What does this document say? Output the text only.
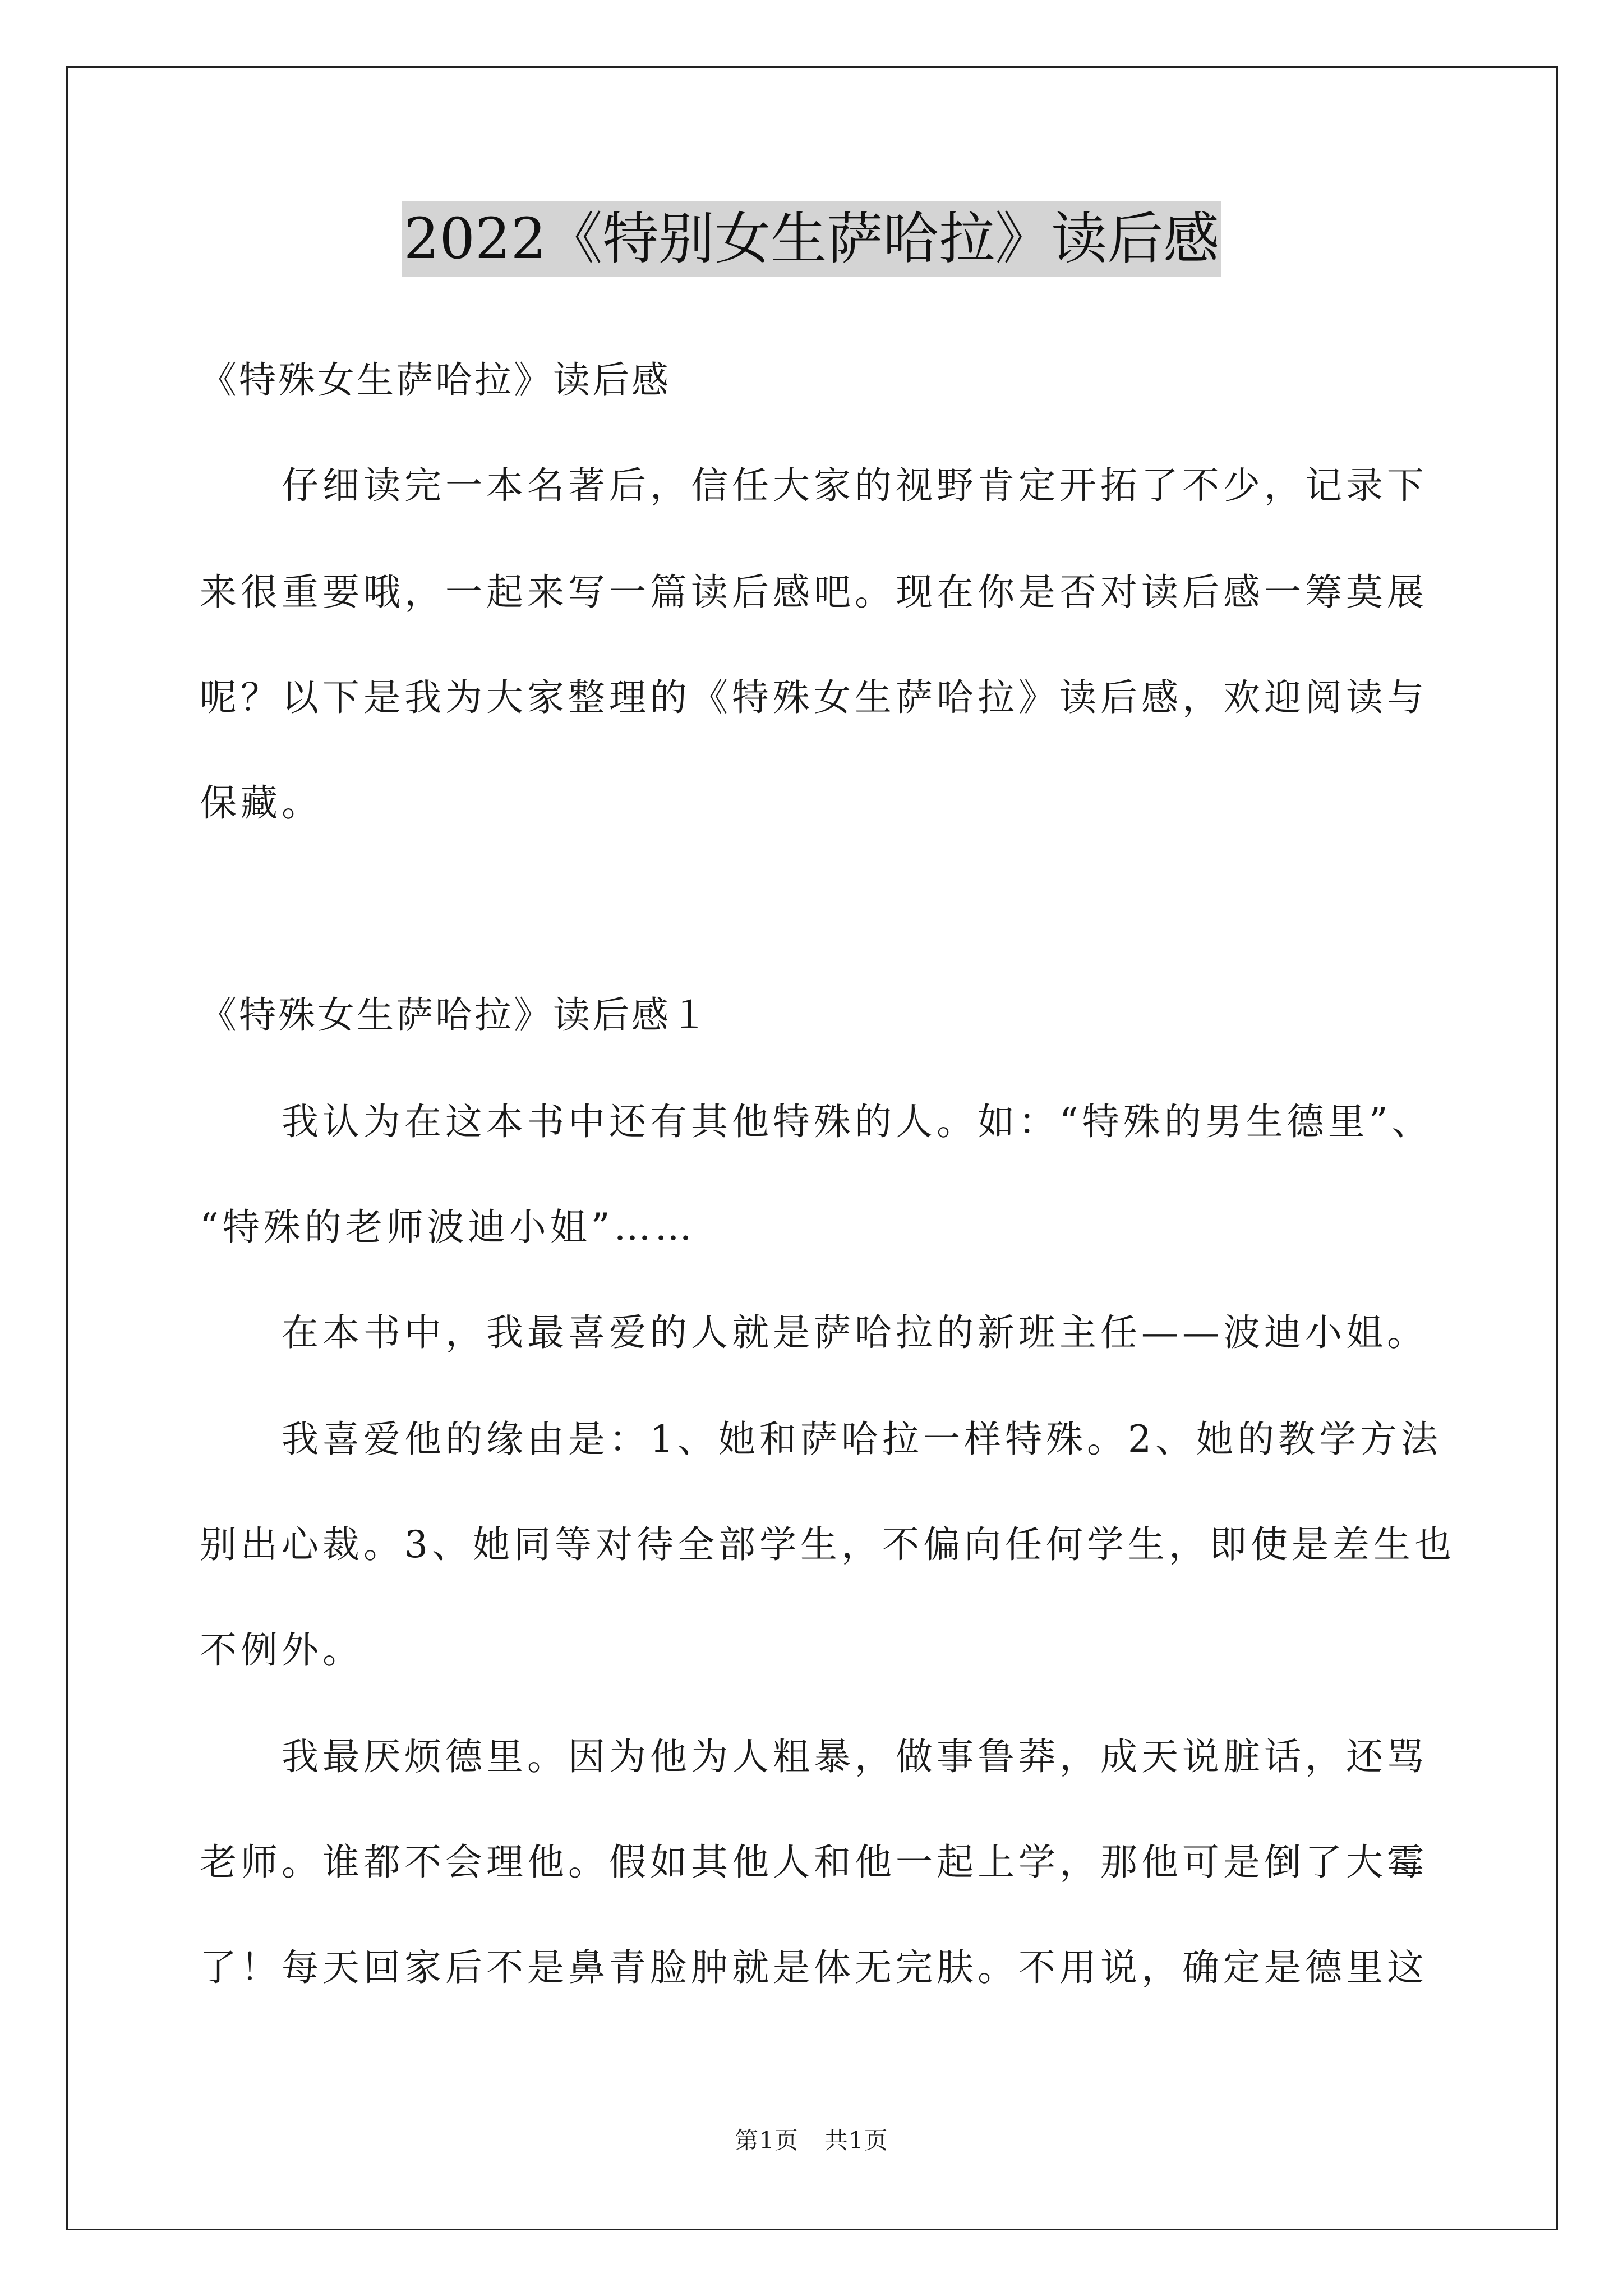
2022《特别女生萨哈拉》读后感
《特殊女生萨哈拉》读后感
仔细读完一本名著后，信任大家的视野肯定开拓了不少，记录下
来很重要哦，一起来写一篇读后感吧。现在你是否对读后感一筹莫展
呢？以下是我为大家整理的《特殊女生萨哈拉》读后感，欢迎阅读与
保藏。
《特殊女生萨哈拉》读后感１
我认为在这本书中还有其他特殊的人。如：“特殊的男生德里”、
“特殊的老师波迪小姐”……
在本书中，我最喜爱的人就是萨哈拉的新班主任——波迪小姐。
我喜爱他的缘由是：1、她和萨哈拉一样特殊。2、她的教学方法
别出心裁。3、她同等对待全部学生，不偏向任何学生，即使是差生也
不例外。
我最厌烦德里。因为他为人粗暴，做事鲁莽，成天说脏话，还骂
老师。谁都不会理他。假如其他人和他一起上学，那他可是倒了大霉
了！每天回家后不是鼻青脸肿就是体无完肤。不用说，确定是德里这
第1页 共1页
